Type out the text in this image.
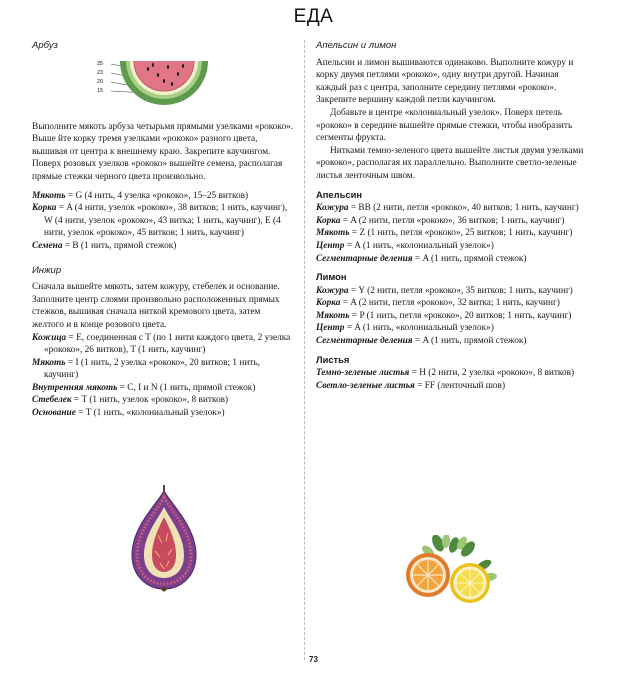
ЕДА
Арбуз
25
23
20
15

Выполните мякоть арбуза четырьмя прямыми узелками «рококо». Выше йте корку тремя узелками «рококо» разного цвета, вышивая от центра к внешнему краю. Закрепите каучингом. Поверх розовых узелков «рококо» вышейте семена, располагая прямые стежки черного цвета произвольно.

Мякоть = G (4 нить, 4 узелка «рококо», 15–25 витков)

Корка = A (4 нити, узелок «рококо», 38 витков; 1 нить, каучинг), W (4 нити, узелок «рококо», 43 витка; 1 нить, каучинг), E (4 нити, узелок «рококо», 45 витков; 1 нить, каучинг)

Семена = B (1 нить, прямой стежок)

Инжир

Сначала вышейте мякоть, затем кожуру, стебелек и основание. Заполните центр слоями произвольно расположенных прямых стежков, вышивая сначала ниткой кремового цвета, затем желтого и в конце розового цвета.

Кожица = E, соединенная с T (по 1 нити каждого цвета, 2 узелка «рококо», 26 витков), T (1 нить, каучинг)

Мякоть = I (1 нить, 2 узелка «рококо», 20 витков; 1 нить, каучинг)

Внутренняя мякоть = C, I и N (1 нить, прямой стежок)

Стебелек = T (1 нить, узелок «рококо», 8 витков)

Основание = T (1 нить, «колониальный узелок»)

Апельсин и лимон

Апельсин и лимон вышиваются одинаково. Выполните кожуру и корку двумя петлями «рококо», одну внутри другой. Начиная каждый раз с центра, заполните середину петлями «рококо». Закрепите вершину каждой петли каучингом.

Добавьте в центре «колониальный узелок». Поверх петель «рококо» в середине вышейте прямые стежки, чтобы изобразить сегменты фрукта.

Нитками темно-зеленого цвета вышейте листья двумя узелками «рококо», располагая их параллельно. Выполните светло-зеленые листья ленточным швом.

Апельсин

Кожура = BB (2 нити, петля «рококо», 40 витков; 1 нить, каучинг)

Корка = A (2 нити, петля «рококо», 36 витков; 1 нить, каучинг)

Мякоть = Z (1 нить, петля «рококо», 25 витков; 1 нить, каучинг)

Центр = A (1 нить, «колониальный узелок»)

Сегментарные деления = A (1 нить, прямой стежок)

Лимон

Кожура = Y (2 нити, петля «рококо», 35 витков; 1 нить, каучинг)

Корка = A (2 нити, петля «рококо», 32 витка; 1 нить, каучинг)

Мякоть = P (1 нить, петля «рококо», 20 витков; 1 нить, каучинг)

Центр = A (1 нить, «колониальный узелок»)

Сегментарные деления = A (1 нить, прямой стежок)

Листья

Темно-зеленые листья = H (2 нити, 2 узелка «рококо», 8 витков)

Светло-зеленые листья = FF (ленточный шов)

73
